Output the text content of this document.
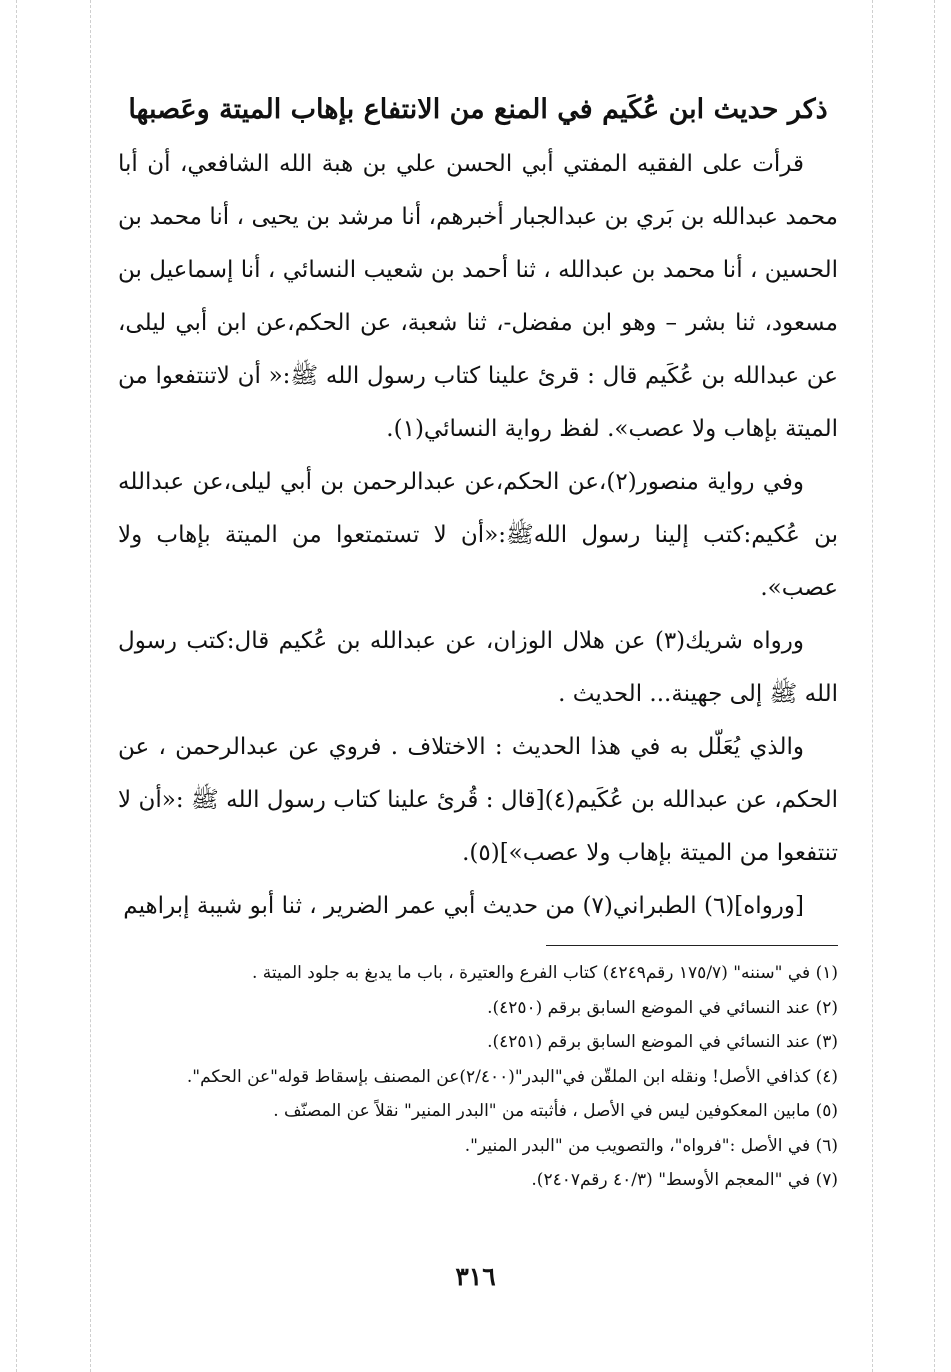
ذكر حديث ابن عُكَيم في المنع من الانتفاع بإهاب الميتة وعَصبها

قرأت على الفقيه المفتي أبي الحسن علي بن هبة الله الشافعي، أن أبا محمد عبدالله بن بَري بن عبدالجبار أخبرهم، أنا مرشد بن يحيى ، أنا محمد بن الحسين ، أنا محمد بن عبدالله ، ثنا أحمد بن شعيب النسائي ، أنا إسماعيل بن مسعود، ثنا بشر – وهو ابن مفضل-، ثنا شعبة، عن الحكم،عن ابن أبي ليلى، عن عبدالله بن عُكَيم قال : قرئ علينا كتاب رسول الله ﷺ:« أن لاتنتفعوا من الميتة بإهاب ولا عصب». لفظ رواية النسائي(١).

وفي رواية منصور(٢)،عن الحكم،عن عبدالرحمن بن أبي ليلى،عن عبدالله بن عُكيم:كتب إلينا رسول اللهﷺ:«أن لا تستمتعوا من الميتة بإهاب ولا عصب».

ورواه شريك(٣) عن هلال الوزان، عن عبدالله بن عُكيم قال:كتب رسول الله ﷺ إلى جهينة... الحديث .

والذي يُعَلّل به في هذا الحديث : الاختلاف . فروي عن عبدالرحمن ، عن الحكم، عن عبدالله بن عُكَيم(٤)[قال : قُرئ علينا كتاب رسول الله ﷺ :«أن لا تنتفعوا من الميتة بإهاب ولا عصب»](٥).

[ورواه](٦) الطبراني(٧) من حديث أبي عمر الضرير ، ثنا أبو شيبة إبراهيم

(١) في "سننه" (١٧٥/٧ رقم٤٢٤٩) كتاب الفرع والعتيرة ، باب ما يدبغ به جلود الميتة .

(٢) عند النسائي في الموضع السابق برقم (٤٢٥٠).

(٣) عند النسائي في الموضع السابق برقم (٤٢٥١).

(٤) كذافي الأصل! ونقله ابن الملقّن في"البدر"(٢/٤٠٠)عن المصنف بإسقاط قوله"عن الحكم".

(٥) مابين المعكوفين ليس في الأصل ، فأثبته من "البدر المنير" نقلاً عن المصنّف .

(٦) في الأصل :"فرواه"، والتصويب من "البدر المنير".

(٧) في "المعجم الأوسط" (٤٠/٣ رقم٢٤٠٧).

٣١٦
